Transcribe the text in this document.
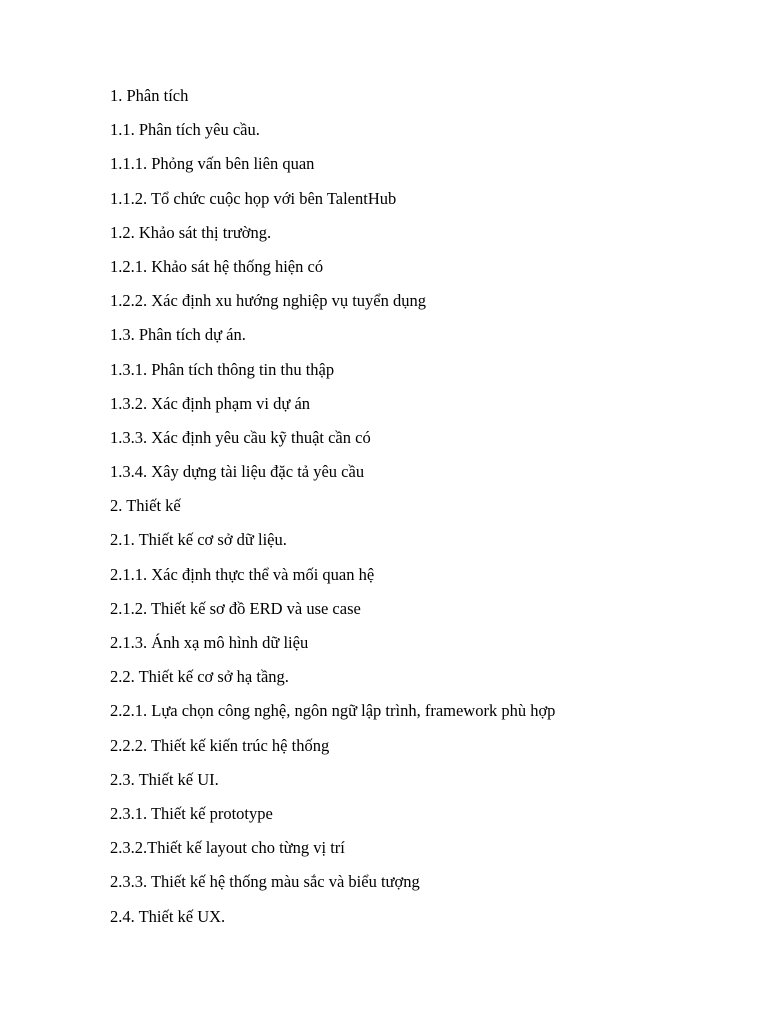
1. Phân tích
1.1. Phân tích yêu cầu.
1.1.1. Phỏng vấn bên liên quan
1.1.2. Tổ chức cuộc họp với bên TalentHub
1.2. Khảo sát thị trường.
1.2.1. Khảo sát hệ thống hiện có
1.2.2. Xác định xu hướng nghiệp vụ tuyển dụng
1.3. Phân tích dự án.
1.3.1. Phân tích thông tin thu thập
1.3.2. Xác định phạm vi dự án
1.3.3. Xác định yêu cầu kỹ thuật cần có
1.3.4. Xây dựng tài liệu đặc tả yêu cầu
2. Thiết kế
2.1. Thiết kế cơ sở dữ liệu.
2.1.1. Xác định thực thể và mối quan hệ
2.1.2. Thiết kế sơ đồ ERD và use case
2.1.3. Ánh xạ mô hình dữ liệu
2.2. Thiết kế cơ sở hạ tầng.
2.2.1. Lựa chọn công nghệ, ngôn ngữ lập trình, framework phù hợp
2.2.2. Thiết kế kiến trúc hệ thống
2.3. Thiết kế UI.
2.3.1. Thiết kế prototype
2.3.2.Thiết kế layout cho từng vị trí
2.3.3. Thiết kế hệ thống màu sắc và biểu tượng
2.4. Thiết kế UX.
